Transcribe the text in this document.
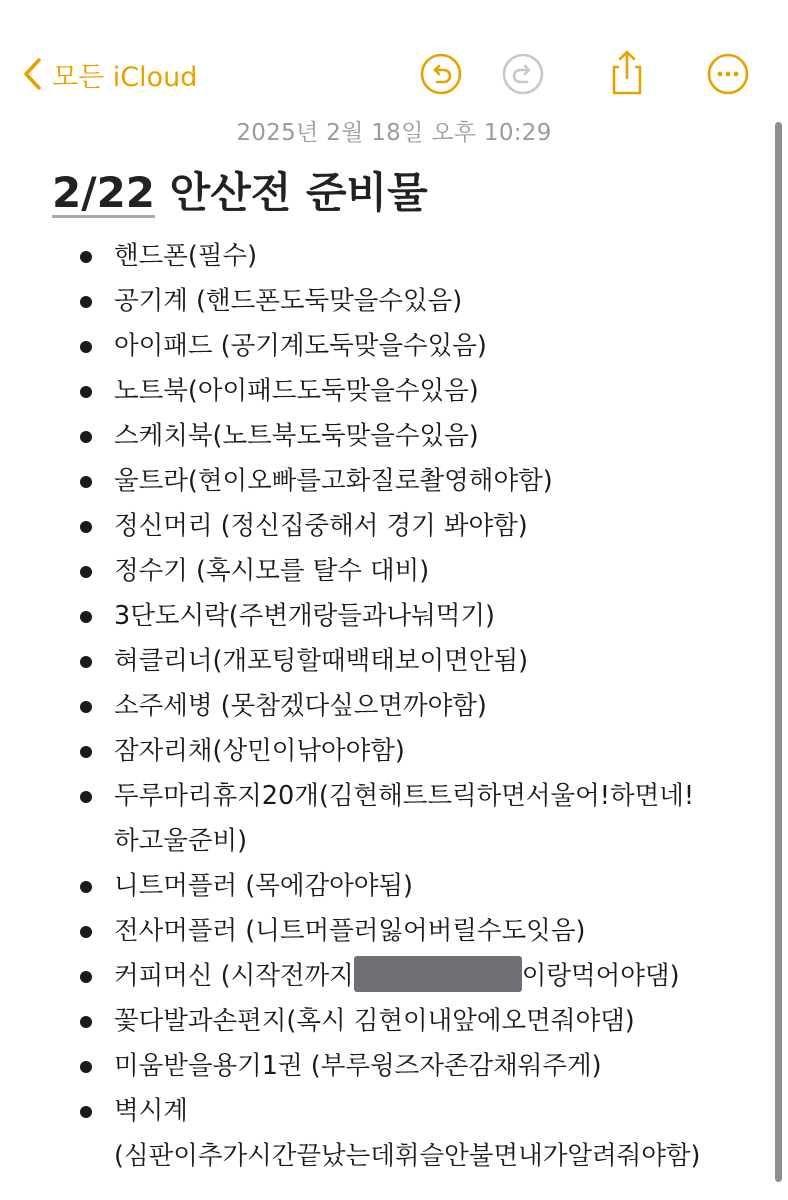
모든 iCloud
2025년 2월 18일 오후 10:29
2/22 안산전 준비물
핸드폰(필수)
공기계 (핸드폰도둑맞을수있음)
아이패드 (공기계도둑맞을수있음)
노트북(아이패드도둑맞을수있음)
스케치북(노트북도둑맞을수있음)
울트라(현이오빠를고화질로촬영해야함)
정신머리 (정신집중해서 경기 봐야함)
정수기 (혹시모를 탈수 대비)
3단도시락(주변개랑들과나눠먹기)
혀클리너(개포팅할때백태보이면안됨)
소주세병 (못참겠다싶으면까야함)
잠자리채(상민이낚아야함)
두루마리휴지20개(김현해트트릭하면서울어!하면네!하고울준비)
니트머플러 (목에감아야됨)
전사머플러 (니트머플러잃어버릴수도잇음)
커피머신 (시작전까지	이랑먹어야댐)
꽃다발과손편지(혹시 김현이내앞에오면줘야댐)
미움받을용기1권 (부루윙즈자존감채워주게)
벽시계 (심판이추가시간끝났는데휘슬안불면내가알려줘야함)
